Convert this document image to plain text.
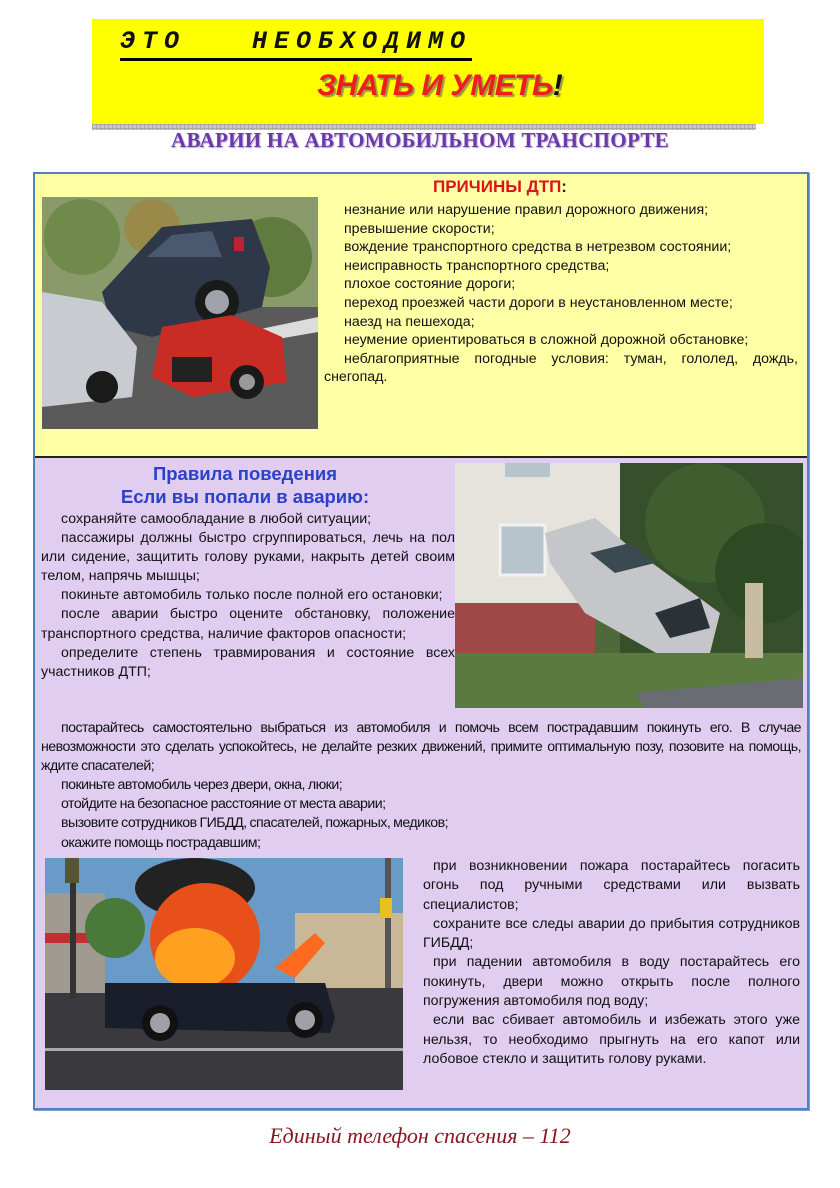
ЭТО   НЕОБХОДИМО
ЗНАТЬ И УМЕТЬ!
АВАРИИ НА АВТОМОБИЛЬНОМ ТРАНСПОРТЕ
ПРИЧИНЫ ДТП:
незнание или нарушение правил дорожного движения;
превышение скорости;
вождение транспортного средства в нетрезвом состоянии;
неисправность транспортного средства;
плохое состояние дороги;
переход проезжей части дороги в неустановленном месте;
наезд на пешехода;
неумение ориентироваться в сложной дорожной обстановке;
неблагоприятные погодные условия: туман, гололед, дождь, снегопад.
Правила поведения
Если вы попали в аварию:
сохраняйте самообладание в любой ситуации;
пассажиры должны быстро сгруппироваться, лечь на пол или сидение, защитить голову руками, накрыть детей своим телом, напрячь мышцы;
покиньте автомобиль только после полной его остановки;
после аварии быстро оцените обстановку, положение транспортного средства, наличие факторов опасности;
определите степень травмирования и состояние всех участников ДТП;
постарайтесь самостоятельно выбраться из автомобиля и помочь всем пострадавшим покинуть его. В случае невозможности это сделать успокойтесь, не делайте резких движений, примите оптимальную позу, позовите на помощь, ждите спасателей;
покиньте автомобиль через двери, окна, люки;
отойдите на безопасное расстояние от места аварии;
вызовите сотрудников ГИБДД, спасателей, пожарных, медиков;
окажите помощь пострадавшим;
при возникновении пожара постарайтесь погасить огонь под ручными средствами или вызвать специалистов;
сохраните все следы аварии до прибытия сотрудников ГИБДД;
при падении автомобиля в воду постарайтесь его покинуть, двери можно открыть после полного погружения автомобиля под воду;
если вас сбивает автомобиль и избежать этого уже нельзя, то необходимо прыгнуть на его капот или лобовое стекло и защитить голову руками.
Единый телефон спасения – 112
